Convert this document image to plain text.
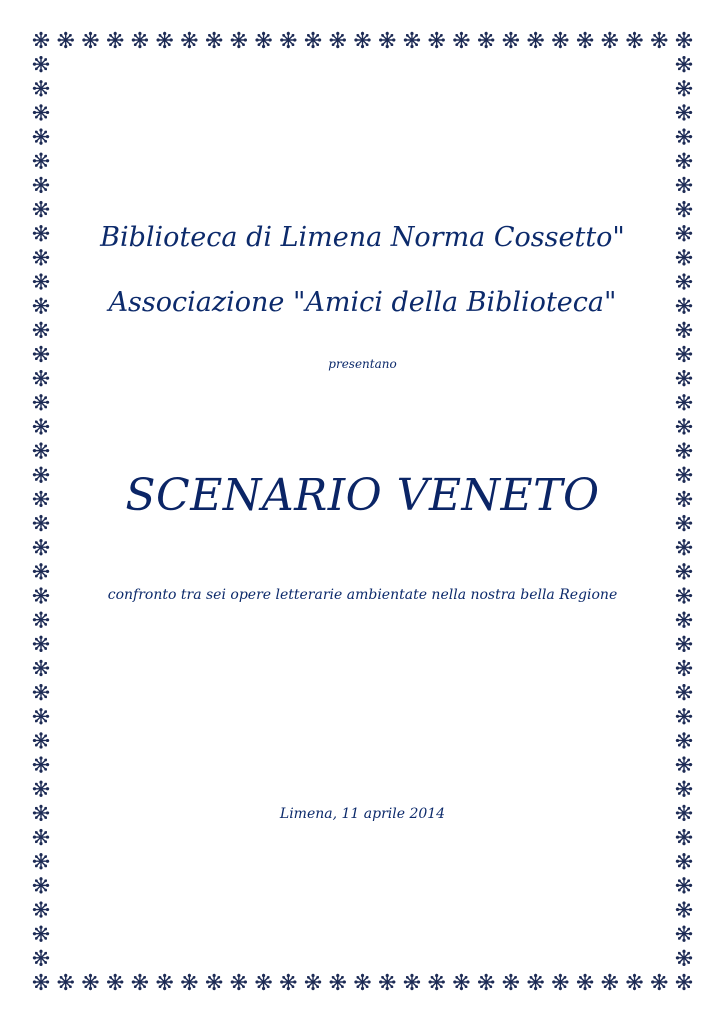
Biblioteca di Limena Norma Cossetto"
Associazione "Amici della Biblioteca"
presentano
SCENARIO VENETO
confronto tra sei opere letterarie ambientate nella nostra bella Regione
Limena, 11 aprile 2014
